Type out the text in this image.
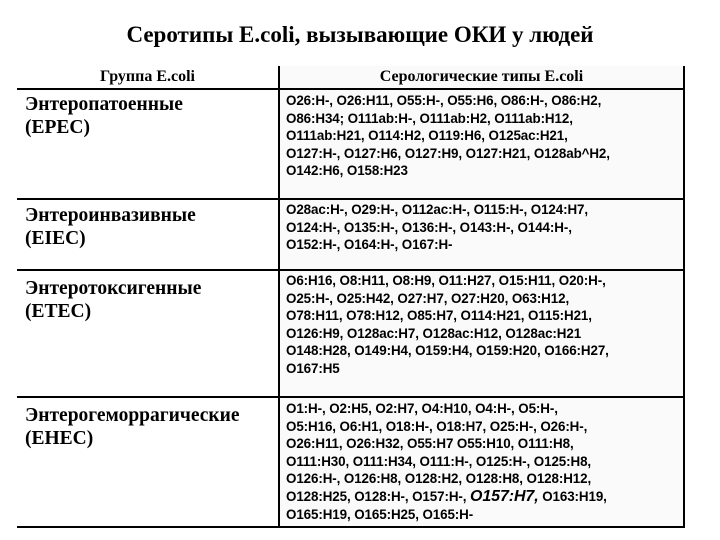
Серотипы E.coli, вызывающие ОКИ у людей
Группа E.coli
Энтеропатоенные
(EPEC)
Энтероинвазивные
(EIEC)
Энтеротоксигенные
(ETEC)
Энтерогеморрагические
(EHEC)
Серологические типы E.coli
O26:H-, O26:H11, O55:H-, O55:H6, O86:H-, O86:H2,
O86:H34; O111ab:H-, O111ab:H2, O111ab:H12,
O111ab:H21, O114:H2, O119:H6, O125ac:H21,
O127:H-, O127:H6, O127:H9, O127:H21, O128ab^H2,
O142:H6, O158:H23
O28ac:H-, O29:H-, O112ac:H-, O115:H-, O124:H7,
O124:H-, O135:H-, O136:H-, O143:H-, O144:H-,
O152:H-, O164:H-, O167:H-
O6:H16, O8:H11, O8:H9, O11:H27, O15:H11, O20:H-,
O25:H-, O25:H42, O27:H7, O27:H20, O63:H12,
O78:H11, O78:H12, O85:H7, O114:H21, O115:H21,
O126:H9, O128ac:H7, O128ac:H12, O128ac:H21
O148:H28, O149:H4, O159:H4, O159:H20, O166:H27,
O167:H5
O1:H-, O2:H5, O2:H7, O4:H10, O4:H-, O5:H-,
O5:H16, O6:H1, O18:H-, O18:H7, O25:H-, O26:H-,
O26:H11, O26:H32, O55:H7 O55:H10, O111:H8,
O111:H30, O111:H34, O111:H-, O125:H-, O125:H8,
O126:H-, O126:H8, O128:H2, O128:H8, O128:H12,
O128:H25, O128:H-, O157:H-, O157:H7, O163:H19,
O165:H19, O165:H25, O165:H-
